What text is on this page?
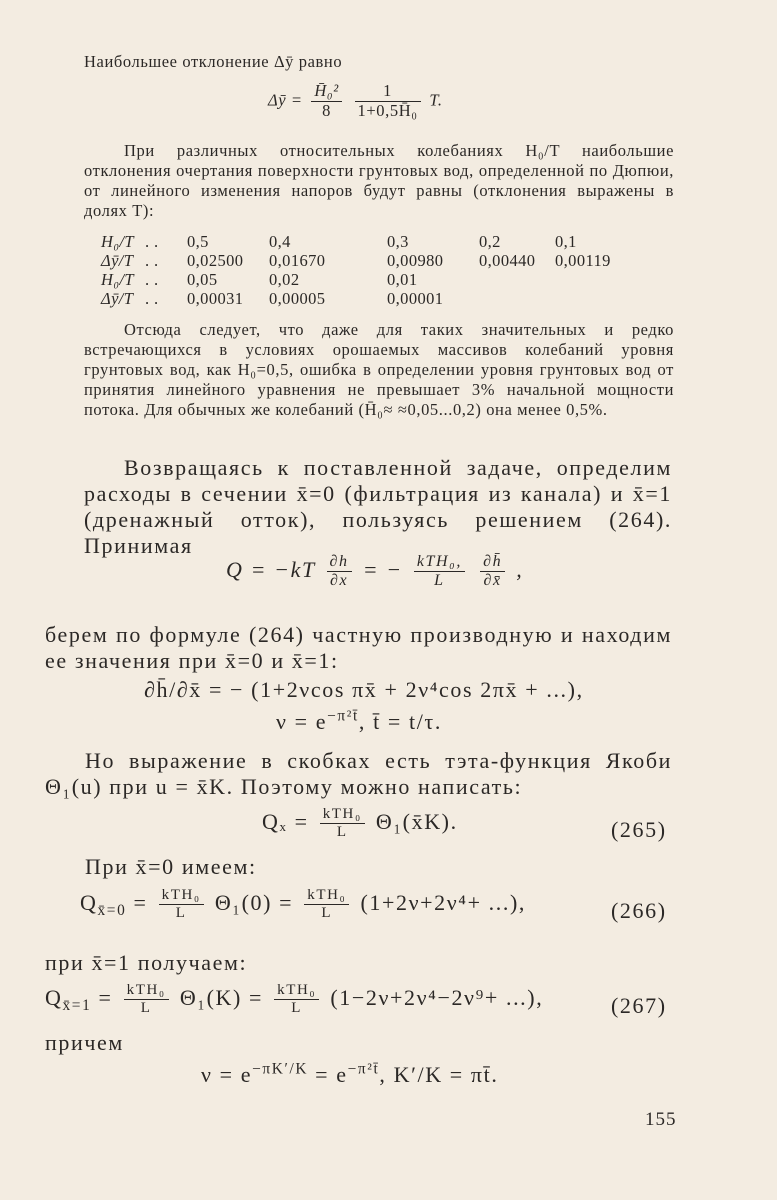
Наибольшее отклонение Δȳ равно
Δȳ = $\frac{\text{H̄₀²}}{8}$
$\frac{1}{\text{1+0,5H̄₀}} T$.
При различных относительных колебаниях H₀/T наибольшие отклонения очертания поверхности грунтовых вод, определенной по Дюпюи, от линейного изменения напоров будут равны (отклонения выражены в долях T):
H₀/T . . 0,5	0,4	0,3	0,2	0,1
Δȳ/T . . 0,02500 0,01670	0,00980 0,00440 0,00119
H₀/T . . 0,05	0,02	0,01
Δȳ/T . . 0,00031 0,00005	0,00001
Отсюда следует, что даже для таких значительных и редко встречающихся в условиях орошаемых массивов колебаний уровня грунтовых вод, как H₀=0,5, ошибка в определении уровня грунтовых вод от принятия линейного уравнения не превышает 3% начальной мощности потока. Для обычных же колебаний (H̄₀≈ ≈0,05...0,2) она менее 0,5%.
Возвращаясь к поставленной задаче, определим расходы в сечении x̄=0 (фильтрация из канала) и x̄=1 (дренажный отток), пользуясь решением (264). Принимая
$Q = -kT \frac{\partial h}{\partial x}$ = − $\frac{\text{kTH₀,}}{L}$
$\frac{\partial h̄}{\partial x̄}$ ,
берем по формуле (264) частную производную и находим ее значения при x̄=0 и x̄=1:
∂h̄/∂x̄ = − (1+2νcos πx̄ + 2ν⁴cos 2πx̄ + ...),
$\nu = e^{-\pi^2t̄}$, t̄ = t/τ.
Но выражение в скобках есть тэта-функция Якоби Θ₁(u) при u = x̄K. Поэтому можно написать:
$Q_x = \frac{\text{kTH₀}}{L}$ Θ₁(x̄K).	(265)
При x̄=0 имеем:
$Q_{x̄=0} = \frac{\text{kTH₀}}{L} \Theta_1(0) = \frac{\text{kTH₀}}{L} (1+2\nu+2\nu^4+$ ...),	(266)
при x̄=1 получаем:
$Q_{x̄=1} = \frac{\text{kTH₀}}{L} \Theta_1(K) = \frac{\text{kTH₀}}{L} (1-2\nu+2\nu^4-2\nu^9+$ ...),	(267)
причем
$\nu = e^{-\pi K'/K} = e^{-\pi^2t̄}$, K′/K = πt̄.
155
